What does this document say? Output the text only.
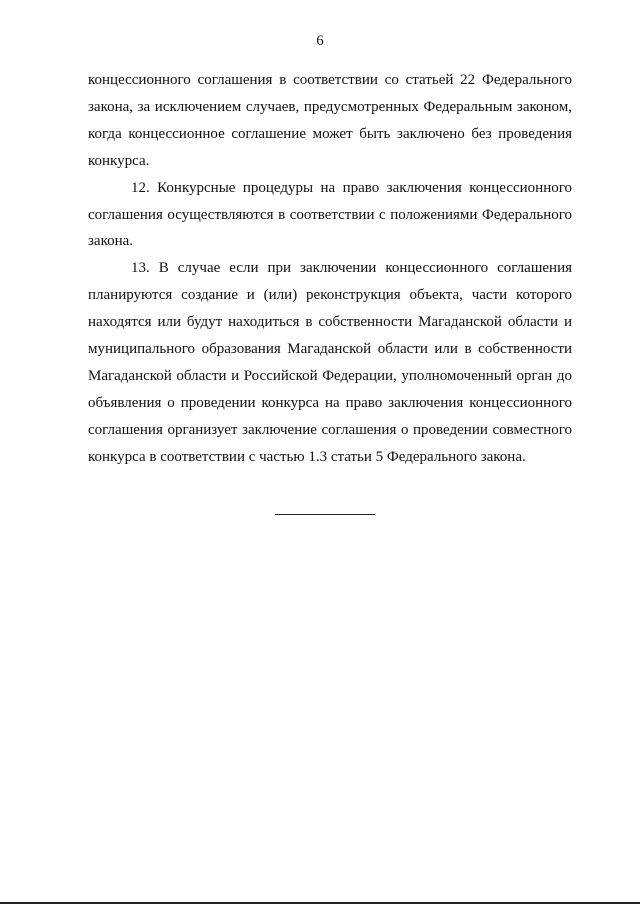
6

концессионного соглашения в соответствии со статьей 22 Федерального закона, за исключением случаев, предусмотренных Федеральным законом, когда концессионное соглашение может быть заключено без проведения конкурса.

12. Конкурсные процедуры на право заключения концессионного соглашения осуществляются в соответствии с положениями Федерального закона.

13. В случае если при заключении концессионного соглашения планируются создание и (или) реконструкция объекта, части которого находятся или будут находиться в собственности Магаданской области и муниципального образования Магаданской области или в собственности Магаданской области и Российской Федерации, уполномоченный орган до объявления о проведении конкурса на право заключения концессионного соглашения организует заключение соглашения о проведении совместного конкурса в соответствии с частью 1.3 статьи 5 Федерального закона.
